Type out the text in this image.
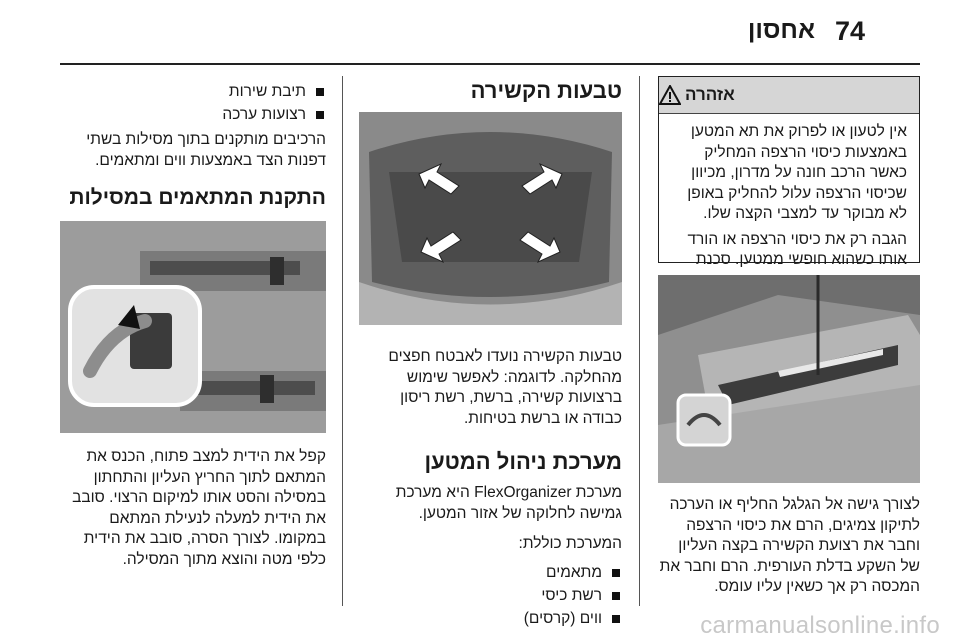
74
אחסון
אזהרה

אין לטעון או לפרוק את תא המטען באמצעות כיסוי הרצפה המחליק כאשר הרכב חונה על מדרון, מכיוון שכיסוי הרצפה עלול להחליק באופן לא מבוקר עד למצבי הקצה שלו.

הגבה רק את כיסוי הרצפה או הורד אותו כשהוא חופשי ממטען. סכנת

לצורך גישה אל הגלגל החליף או הערכה לתיקון צמיגים, הרם את כיסוי הרצפה וחבר את רצועת הקשירה בקצה העליון של השקע בדלת העורפית. הרם וחבר את המכסה רק אך כשאין עליו עומס.

טבעות הקשירה

טבעות הקשירה נועדו לאבטח חפצים מהחלקה. לדוגמה: לאפשר שימוש ברצועות קשירה, ברשת, רשת ריסון כבודה או ברשת בטיחות.

מערכת ניהול המטען

מערכת FlexOrganizer היא מערכת גמישה לחלוקה של אזור המטען.

המערכת כוללת:

מתאמים
רשת כיסי
ווים (קרסים)
תיבת שירות
רצועות ערכה

הרכיבים מותקנים בתוך מסילות בשתי דפנות הצד באמצעות ווים ומתאמים.

התקנת המתאמים במסילות

קפל את הידית למצב פתוח, הכנס את המתאם לתוך החריץ העליון והתחתון במסילה והסט אותו למיקום הרצוי. סובב את הידית למעלה לנעילת המתאם במקומו. לצורך הסרה, סובב את הידית כלפי מטה והוצא מתוך המסילה.

carmanualsonline.info
